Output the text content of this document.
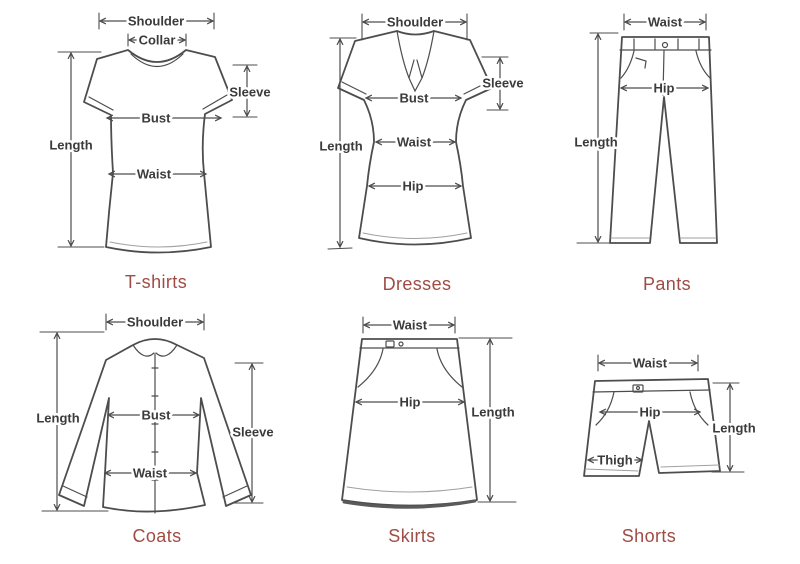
Shoulder
Collar
Length
Sleeve
Bust
Waist
T-shirts
Shoulder
Sleeve
Bust
Waist
Hip
Length
Dresses
Waist
Hip
Length
Pants
Shoulder
Length	Bust
Waist
Sleeve
Coats
Waist
Hip
Length
Skirts
Waist
Hip
Thigh
Length
Shorts
